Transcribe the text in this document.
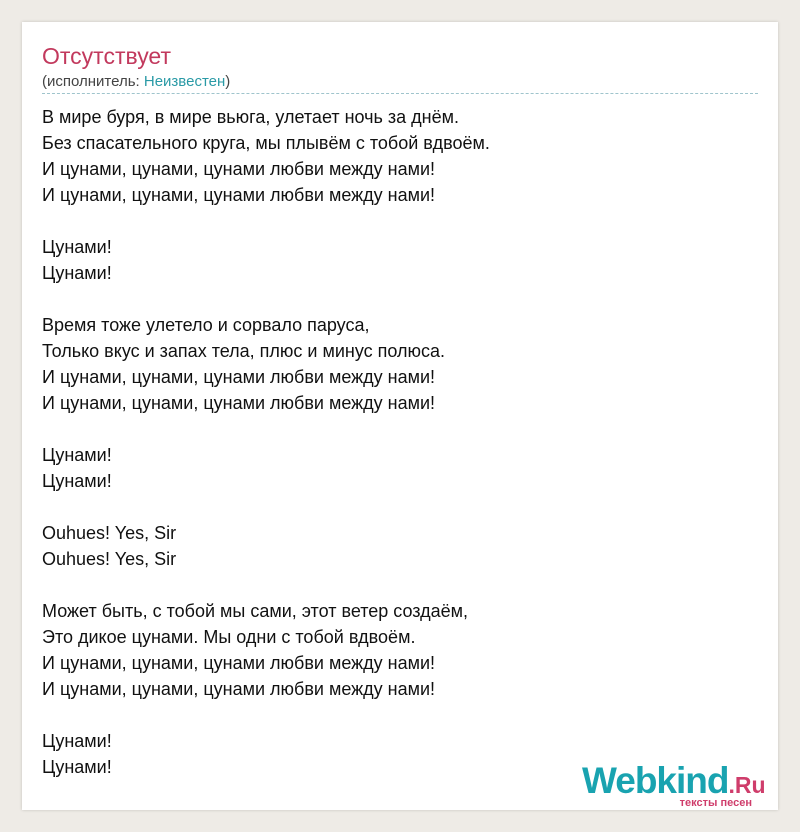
Отсутствует
(исполнитель: Неизвестен)
В мире буря, в мире вьюга, улетает ночь за днём.
Без спасательного круга, мы плывём с тобой вдвоём.
И цунами, цунами, цунами любви между нами!
И цунами, цунами, цунами любви между нами!
Цунами!
Цунами!
Время тоже улетело и сорвало паруса,
Только вкус и запах тела, плюс и минус полюса.
И цунами, цунами, цунами любви между нами!
И цунами, цунами, цунами любви между нами!
Цунами!
Цунами!
Ouhues! Yes, Sir
Ouhues! Yes, Sir
Может быть, с тобой мы сами, этот ветер создаём,
Это дикое цунами. Мы одни с тобой вдвоём.
И цунами, цунами, цунами любви между нами!
И цунами, цунами, цунами любви между нами!
Цунами!
Цунами!	Webkind.Ru
тексты песен
